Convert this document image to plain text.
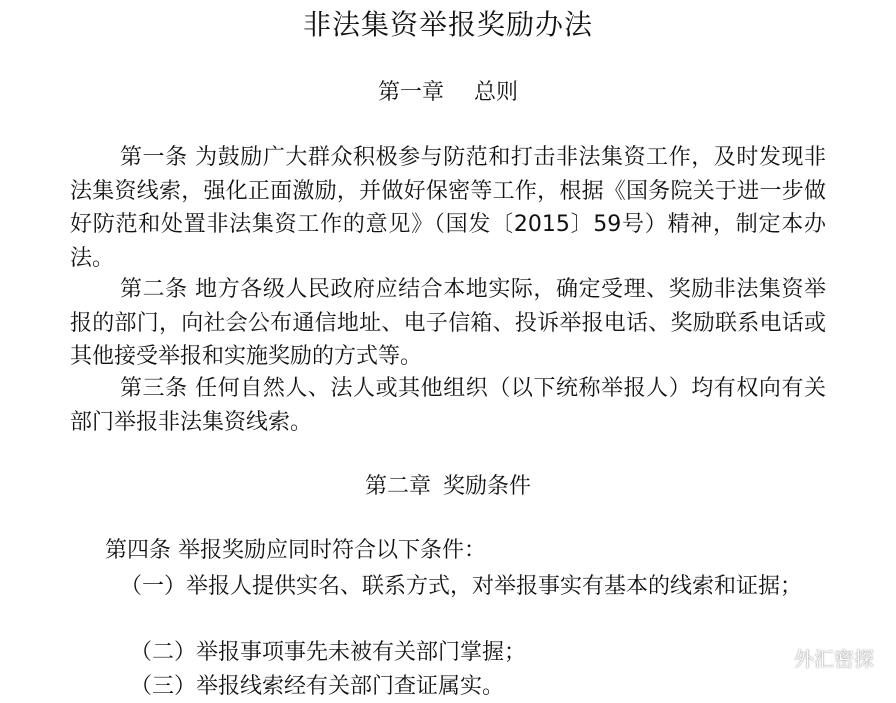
非法集资举报奖励办法
第一章 总则
第一条 为鼓励广大群众积极参与防范和打击非法集资工作，及时发现非法集资线索，强化正面激励，并做好保密等工作，根据《国务院关于进一步做好防范和处置非法集资工作的意见》（国发〔2015〕59号）精神，制定本办法。
第二条 地方各级人民政府应结合本地实际，确定受理、奖励非法集资举报的部门，向社会公布通信地址、电子信箱、投诉举报电话、奖励联系电话或其他接受举报和实施奖励的方式等。
第三条 任何自然人、法人或其他组织（以下统称举报人）均有权向有关部门举报非法集资线索。
第二章 奖励条件
第四条 举报奖励应同时符合以下条件：
（一）举报人提供实名、联系方式，对举报事实有基本的线索和证据；
（二）举报事项事先未被有关部门掌握；
（三）举报线索经有关部门查证属实。
外汇密探
